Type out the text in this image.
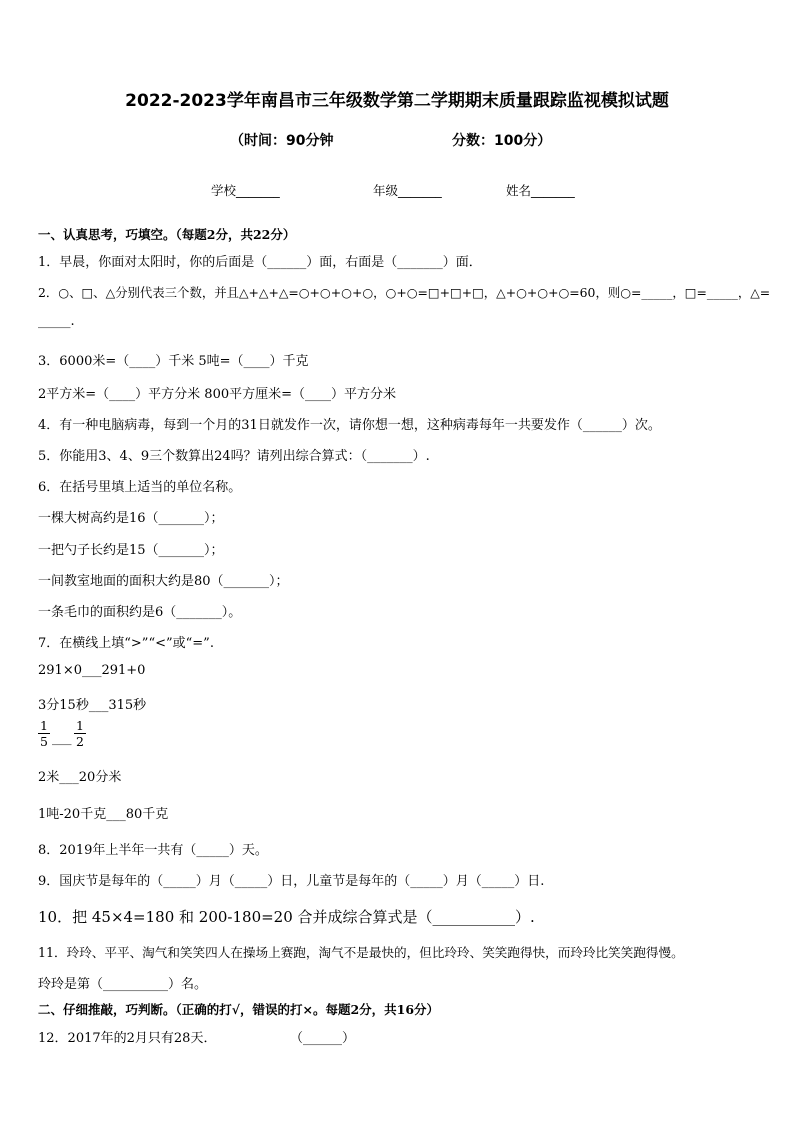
2022-2023学年南昌市三年级数学第二学期期末质量跟踪监视模拟试题
（时间：90分钟	分数：100分）
学校_______	年级_______	姓名_______
一、认真思考，巧填空。（每题2分，共22分）
1．早晨，你面对太阳时，你的后面是（______）面，右面是（_______）面．
2．○、□、△分别代表三个数，并且△+△+△=○+○+○+○，○+○=□+□+□，△+○+○+○=60，则○=_____，□=_____，△=
_____.
3．6000米=（____）千米 5吨=（____）千克
2平方米=（____）平方分米 800平方厘米=（____）平方分米
4．有一种电脑病毒，每到一个月的31日就发作一次，请你想一想，这种病毒每年一共要发作（______）次。
5．你能用3、4、9三个数算出24吗？请列出综合算式：（_______）.
6．在括号里填上适当的单位名称。
一棵大树高约是16（_______）；
一把勺子长约是15（_______）；
一间教室地面的面积大约是80（_______）；
一条毛巾的面积约是6（_______）。
7．在横线上填“>”“<”或“=”.
291×0___291+0
3分15秒___315秒
$\frac{1}{5}$ ___ $\frac{1}{2}$
2米___20分米
1吨-20千克___80千克
8．2019年上半年一共有（_____）天。
9．国庆节是每年的（_____）月（_____）日，儿童节是每年的（_____）月（_____）日.
10．把 45×4=180 和 200-180=20 合并成综合算式是（___________）.
11．玲玲、平平、淘气和笑笑四人在操场上赛跑，淘气不是最快的，但比玲玲、笑笑跑得快，而玲玲比笑笑跑得慢。
玲玲是第（__________）名。
二、仔细推敲，巧判断。（正确的打√，错误的打×。每题2分，共16分）
12．2017年的2月只有28天．	（______）
